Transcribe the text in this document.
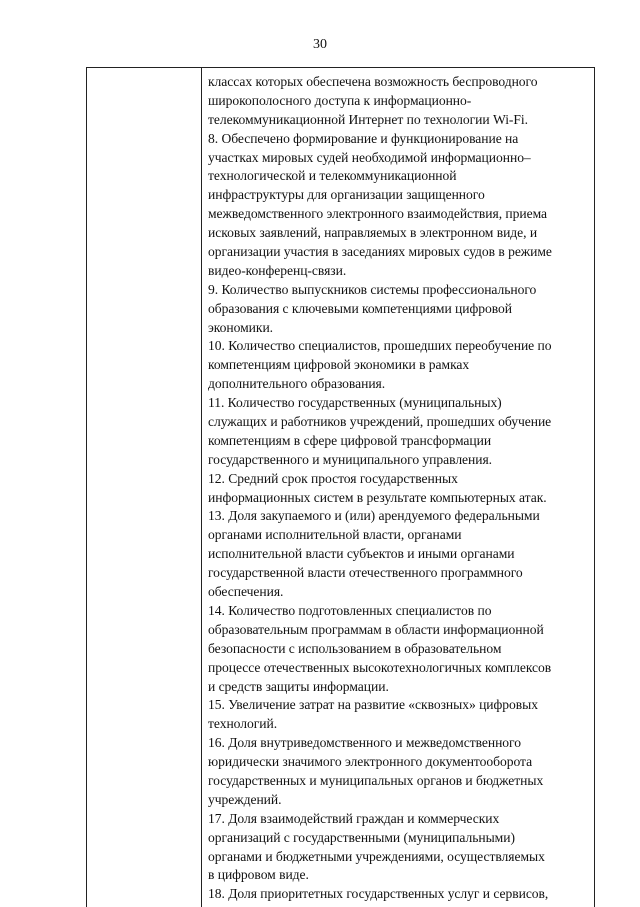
30
классах которых обеспечена возможность беспроводного
широкополосного доступа к информационно-
телекоммуникационной Интернет по технологии Wi-Fi.
8. Обеспечено формирование и функционирование на
участках мировых судей необходимой информационно–
технологической и телекоммуникационной
инфраструктуры для организации защищенного
межведомственного электронного взаимодействия, приема
исковых заявлений, направляемых в электронном виде, и
организации участия в заседаниях мировых судов в режиме
видео-конференц-связи.
9. Количество выпускников системы профессионального
образования с ключевыми компетенциями цифровой
экономики.
10. Количество специалистов, прошедших переобучение по
компетенциям цифровой экономики в рамках
дополнительного образования.
11. Количество государственных (муниципальных)
служащих и работников учреждений, прошедших обучение
компетенциям в сфере цифровой трансформации
государственного и муниципального управления.
12. Средний срок простоя государственных
информационных систем в результате компьютерных атак.
13. Доля закупаемого и (или) арендуемого федеральными
органами исполнительной власти, органами
исполнительной власти субъектов и иными органами
государственной власти отечественного программного
обеспечения.
14. Количество подготовленных специалистов по
образовательным программам в области информационной
безопасности с использованием в образовательном
процессе отечественных высокотехнологичных комплексов
и средств защиты информации.
15. Увеличение затрат на развитие «сквозных» цифровых
технологий.
16. Доля внутриведомственного и межведомственного
юридически значимого электронного документооборота
государственных и муниципальных органов и бюджетных
учреждений.
17. Доля взаимодействий граждан и коммерческих
организаций с государственными (муниципальными)
органами и бюджетными учреждениями, осуществляемых
в цифровом виде.
18. Доля приоритетных государственных услуг и сервисов,
